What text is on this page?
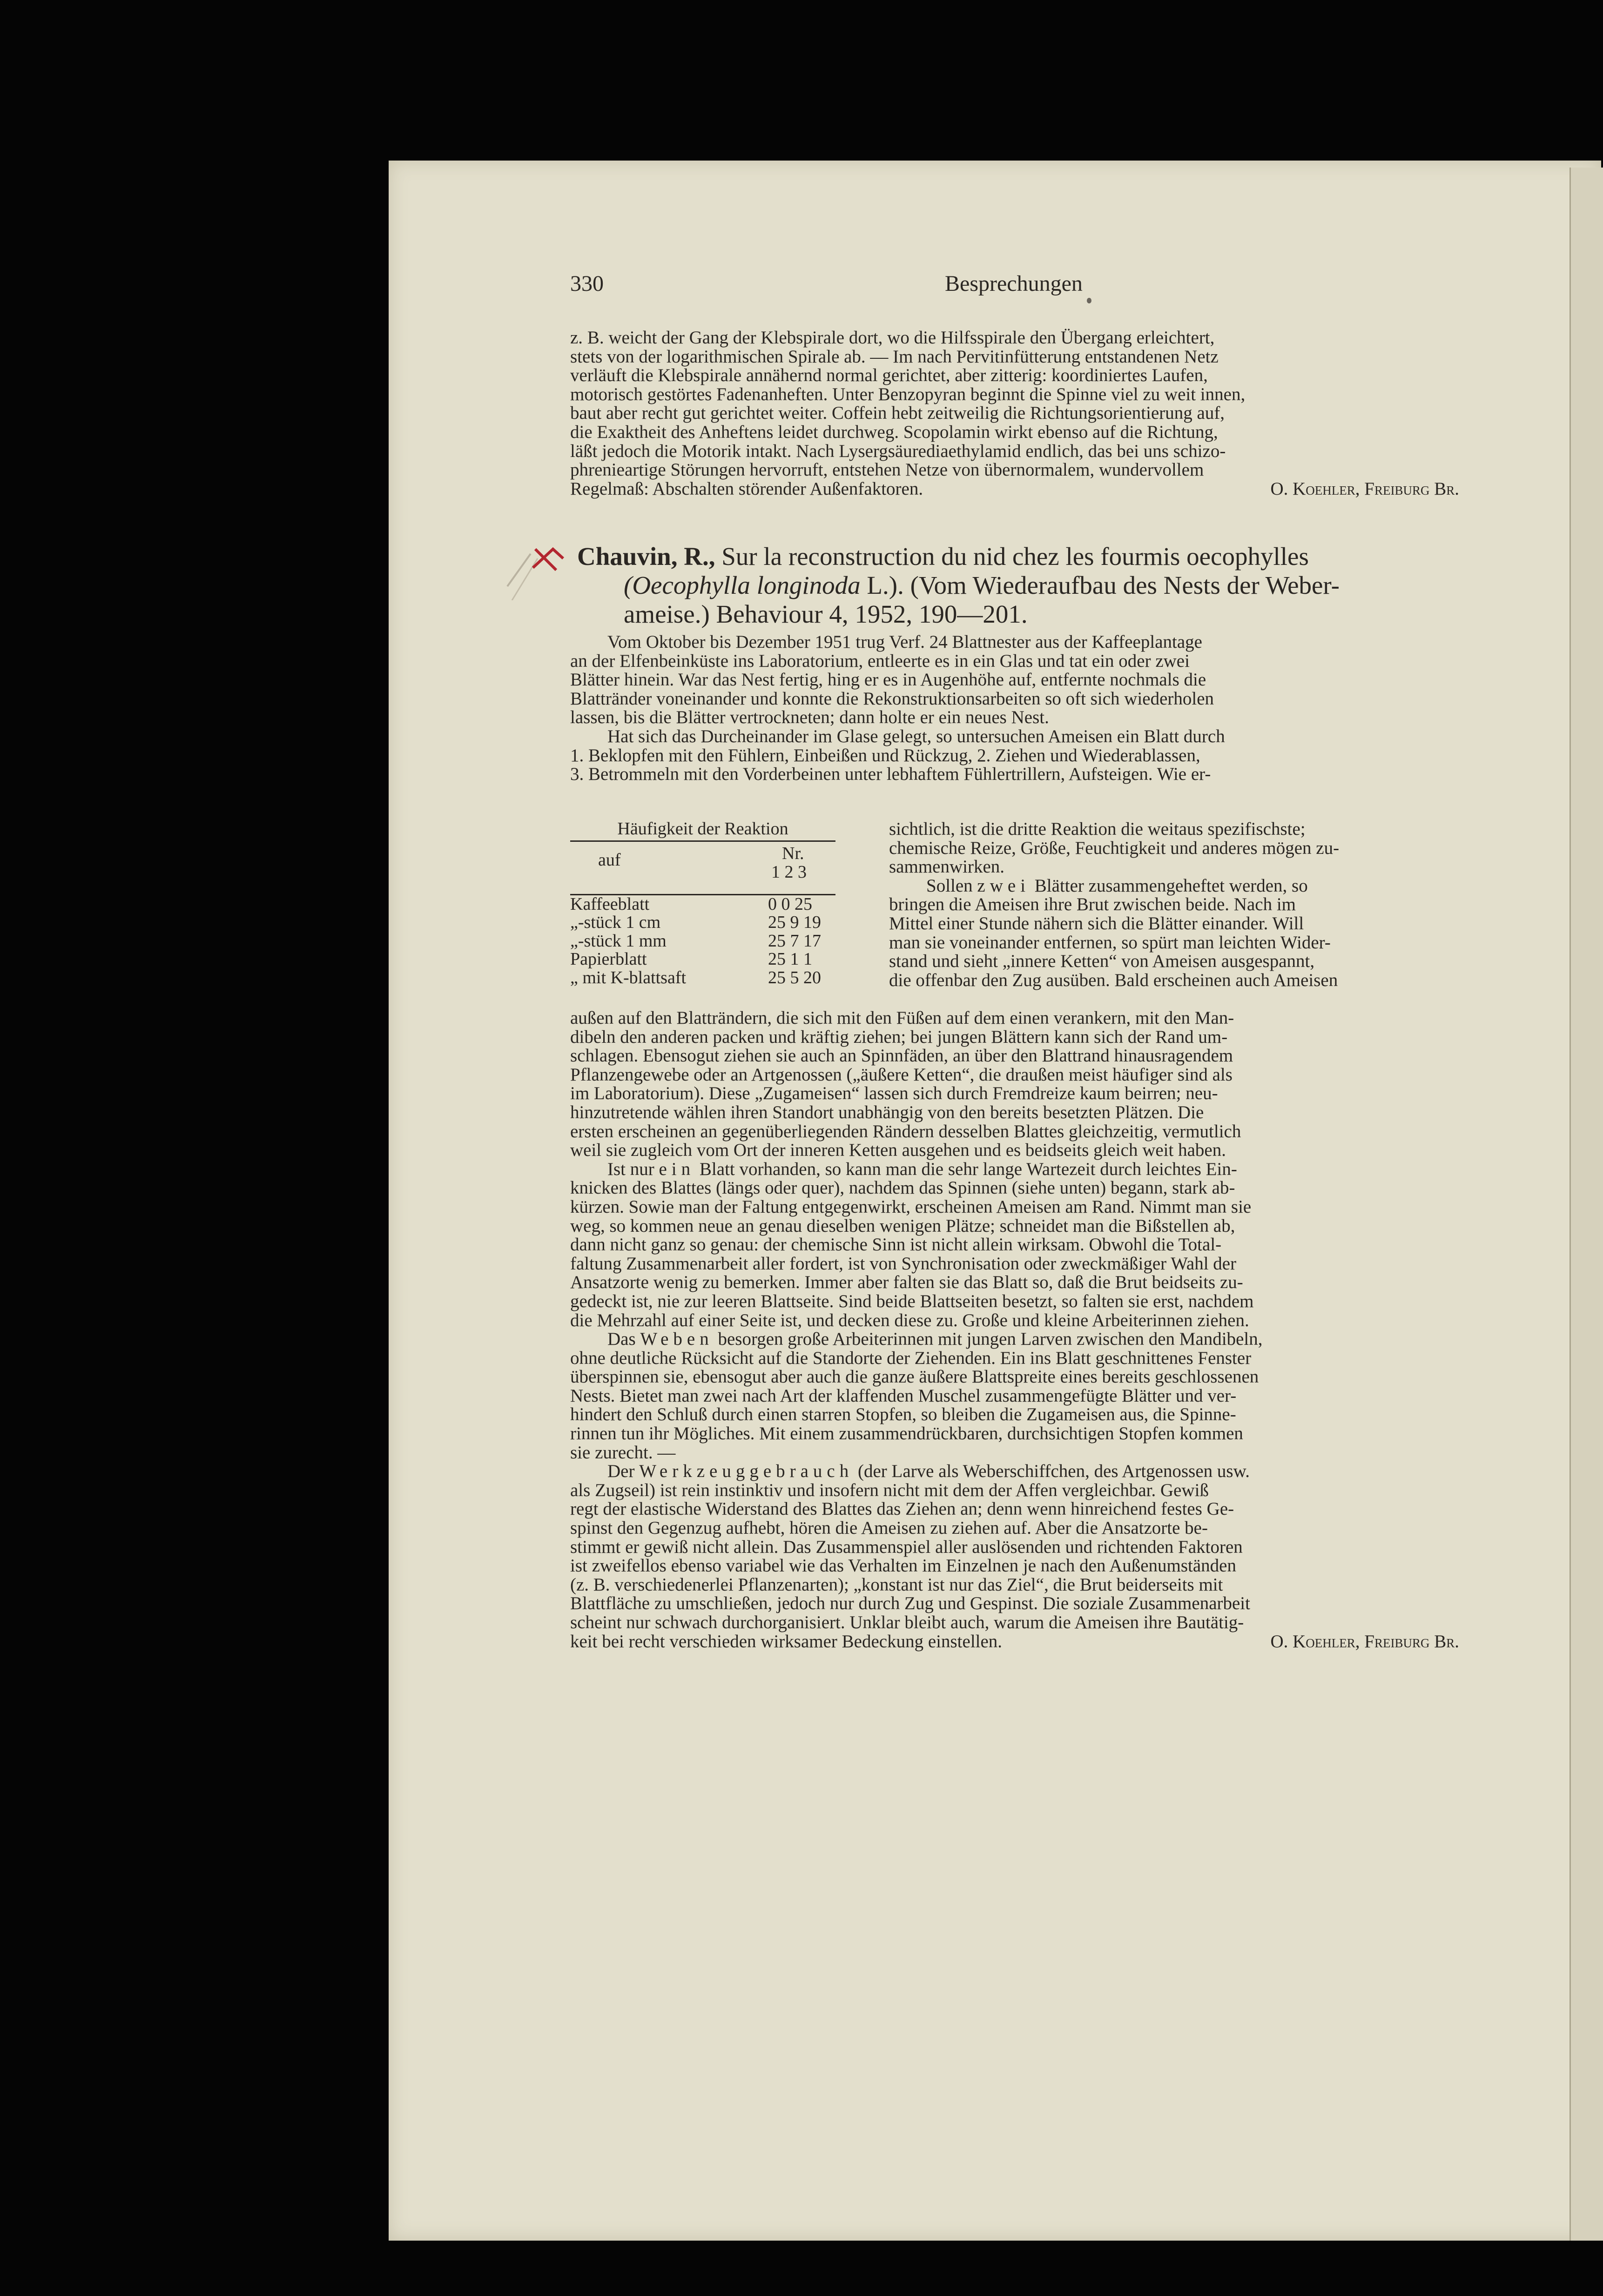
330	Besprechungen

z. B. weicht der Gang der Klebspirale dort, wo die Hilfsspirale den Übergang erleichtert,

stets von der logarithmischen Spirale ab. — Im nach Pervitinfütterung entstandenen Netz

verläuft die Klebspirale annähernd normal gerichtet, aber zitterig: koordiniertes Laufen,

motorisch gestörtes Fadenanheften. Unter Benzopyran beginnt die Spinne viel zu weit innen,

baut aber recht gut gerichtet weiter. Coffein hebt zeitweilig die Richtungsorientierung auf,

die Exaktheit des Anheftens leidet durchweg. Scopolamin wirkt ebenso auf die Richtung,

läßt jedoch die Motorik intakt. Nach Lysergsäurediaethylamid endlich, das bei uns schizo-

phrenieartige Störungen hervorruft, entstehen Netze von übernormalem, wundervollem

Regelmaß: Abschalten störender Außenfaktoren.	O. Koehler, Freiburg Br.

Chauvin, R., Sur la reconstruction du nid chez les fourmis oecophylles

(Oecophylla longinoda L.). (Vom Wiederaufbau des Nests der Weber-

ameise.) Behaviour 4, 1952, 190—201.

Vom Oktober bis Dezember 1951 trug Verf. 24 Blattnester aus der Kaffeeplantage

an der Elfenbeinküste ins Laboratorium, entleerte es in ein Glas und tat ein oder zwei

Blätter hinein. War das Nest fertig, hing er es in Augenhöhe auf, entfernte nochmals die

Blattränder voneinander und konnte die Rekonstruktionsarbeiten so oft sich wiederholen

lassen, bis die Blätter vertrockneten; dann holte er ein neues Nest.

Hat sich das Durcheinander im Glase gelegt, so untersuchen Ameisen ein Blatt durch

1. Beklopfen mit den Fühlern, Einbeißen und Rückzug, 2. Ziehen und Wiederablassen,

3. Betrommeln mit den Vorderbeinen unter lebhaftem Fühlertrillern, Aufsteigen. Wie er-

Häufigkeit der Reaktion
auf	Nr.
1 2 3
Kaffeeblatt	0 0 25
„-stück 1 cm	25 9 19
„-stück 1 mm	25 7 17
Papierblatt	25 1 1
„ mit K-blattsaft	25 5 20

sichtlich, ist die dritte Reaktion die weitaus spezifischste;

chemische Reize, Größe, Feuchtigkeit und anderes mögen zu-

sammenwirken.

Sollen zwei Blätter zusammengeheftet werden, so

bringen die Ameisen ihre Brut zwischen beide. Nach im

Mittel einer Stunde nähern sich die Blätter einander. Will

man sie voneinander entfernen, so spürt man leichten Wider-

stand und sieht „innere Ketten“ von Ameisen ausgespannt,

die offenbar den Zug ausüben. Bald erscheinen auch Ameisen

außen auf den Blatträndern, die sich mit den Füßen auf dem einen verankern, mit den Man-

dibeln den anderen packen und kräftig ziehen; bei jungen Blättern kann sich der Rand um-

schlagen. Ebensogut ziehen sie auch an Spinnfäden, an über den Blattrand hinausragendem

Pflanzengewebe oder an Artgenossen („äußere Ketten“, die draußen meist häufiger sind als

im Laboratorium). Diese „Zugameisen“ lassen sich durch Fremdreize kaum beirren; neu-

hinzutretende wählen ihren Standort unabhängig von den bereits besetzten Plätzen. Die

ersten erscheinen an gegenüberliegenden Rändern desselben Blattes gleichzeitig, vermutlich

weil sie zugleich vom Ort der inneren Ketten ausgehen und es beidseits gleich weit haben.

Ist nur ein Blatt vorhanden, so kann man die sehr lange Wartezeit durch leichtes Ein-

knicken des Blattes (längs oder quer), nachdem das Spinnen (siehe unten) begann, stark ab-

kürzen. Sowie man der Faltung entgegenwirkt, erscheinen Ameisen am Rand. Nimmt man sie

weg, so kommen neue an genau dieselben wenigen Plätze; schneidet man die Bißstellen ab,

dann nicht ganz so genau: der chemische Sinn ist nicht allein wirksam. Obwohl die Total-

faltung Zusammenarbeit aller fordert, ist von Synchronisation oder zweckmäßiger Wahl der

Ansatzorte wenig zu bemerken. Immer aber falten sie das Blatt so, daß die Brut beidseits zu-

gedeckt ist, nie zur leeren Blattseite. Sind beide Blattseiten besetzt, so falten sie erst, nachdem

die Mehrzahl auf einer Seite ist, und decken diese zu. Große und kleine Arbeiterinnen ziehen.

Das Weben besorgen große Arbeiterinnen mit jungen Larven zwischen den Mandibeln,

ohne deutliche Rücksicht auf die Standorte der Ziehenden. Ein ins Blatt geschnittenes Fenster

überspinnen sie, ebensogut aber auch die ganze äußere Blattspreite eines bereits geschlossenen

Nests. Bietet man zwei nach Art der klaffenden Muschel zusammengefügte Blätter und ver-

hindert den Schluß durch einen starren Stopfen, so bleiben die Zugameisen aus, die Spinne-

rinnen tun ihr Mögliches. Mit einem zusammendrückbaren, durchsichtigen Stopfen kommen

sie zurecht. —

Der Werkzeuggebrauch (der Larve als Weberschiffchen, des Artgenossen usw.

als Zugseil) ist rein instinktiv und insofern nicht mit dem der Affen vergleichbar. Gewiß

regt der elastische Widerstand des Blattes das Ziehen an; denn wenn hinreichend festes Ge-

spinst den Gegenzug aufhebt, hören die Ameisen zu ziehen auf. Aber die Ansatzorte be-

stimmt er gewiß nicht allein. Das Zusammenspiel aller auslösenden und richtenden Faktoren

ist zweifellos ebenso variabel wie das Verhalten im Einzelnen je nach den Außenumständen

(z. B. verschiedenerlei Pflanzenarten); „konstant ist nur das Ziel“, die Brut beiderseits mit

Blattfläche zu umschließen, jedoch nur durch Zug und Gespinst. Die soziale Zusammenarbeit

scheint nur schwach durchorganisiert. Unklar bleibt auch, warum die Ameisen ihre Bautätig-

keit bei recht verschieden wirksamer Bedeckung einstellen.	O. Koehler, Freiburg Br.
